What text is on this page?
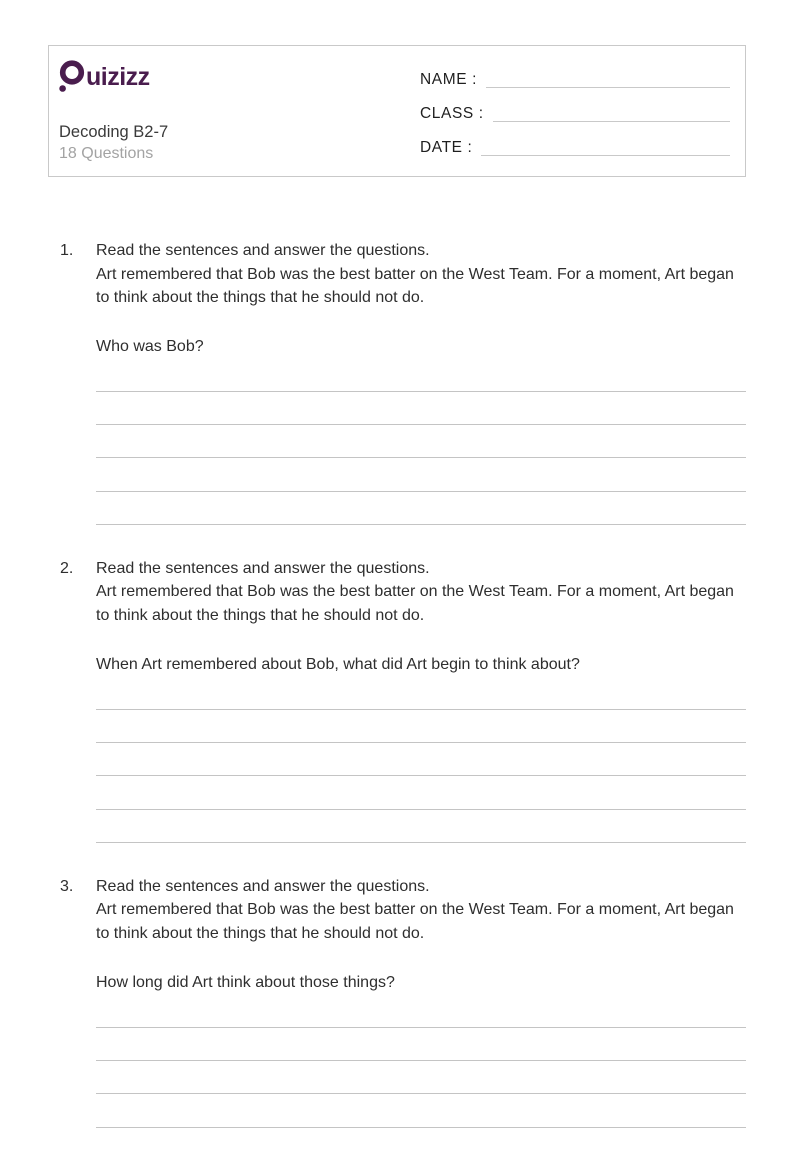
uizizz
Decoding B2-7
18 Questions
NAME :
CLASS :
DATE :
1.	Read the sentences and answer the questions.
Art remembered that Bob was the best batter on the West Team. For a moment, Art began to think about the things that he should not do.
Who was Bob?
2.	Read the sentences and answer the questions.
Art remembered that Bob was the best batter on the West Team. For a moment, Art began to think about the things that he should not do.
When Art remembered about Bob, what did Art begin to think about?
3.	Read the sentences and answer the questions.
Art remembered that Bob was the best batter on the West Team. For a moment, Art began to think about the things that he should not do.
How long did Art think about those things?
